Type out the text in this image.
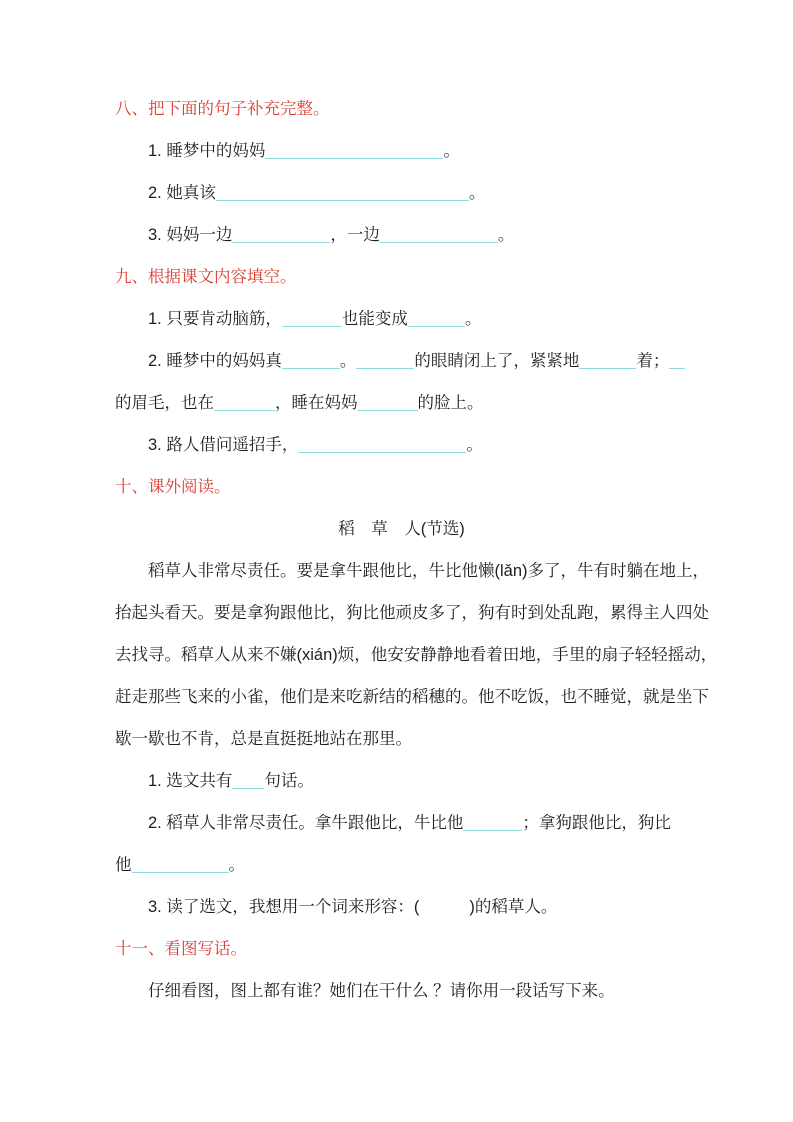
八、把下面的句子补充完整。
1. 睡梦中的妈妈	。
2. 她真该	。
3. 妈妈一边	，一边	。
九、根据课文内容填空。
1. 只要肯动脑筋，	也能变成	。
2. 睡梦中的妈妈真	。	的眼睛闭上了，紧紧地	着；
的眉毛，也在	，睡在妈妈	的脸上。
3. 路人借问遥招手，	。
十、课外阅读。
稻　草　人(节选)
稻草人非常尽责任。要是拿牛跟他比，牛比他懒(lǎn)多了，牛有时躺在地上，
抬起头看天。要是拿狗跟他比，狗比他顽皮多了，狗有时到处乱跑，累得主人四处
去找寻。稻草人从来不嫌(xián)烦，他安安静静地看着田地，手里的扇子轻轻摇动，
赶走那些飞来的小雀，他们是来吃新结的稻穗的。他不吃饭，也不睡觉，就是坐下
歇一歇也不肯，总是直挺挺地站在那里。
1. 选文共有 句话。
2. 稻草人非常尽责任。拿牛跟他比，牛比他	；拿狗跟他比，狗比
他	。
3. 读了选文，我想用一个词来形容：(	)的稻草人。
十一、看图写话。
仔细看图，图上都有谁？她们在干什么 ？请你用一段话写下来。
